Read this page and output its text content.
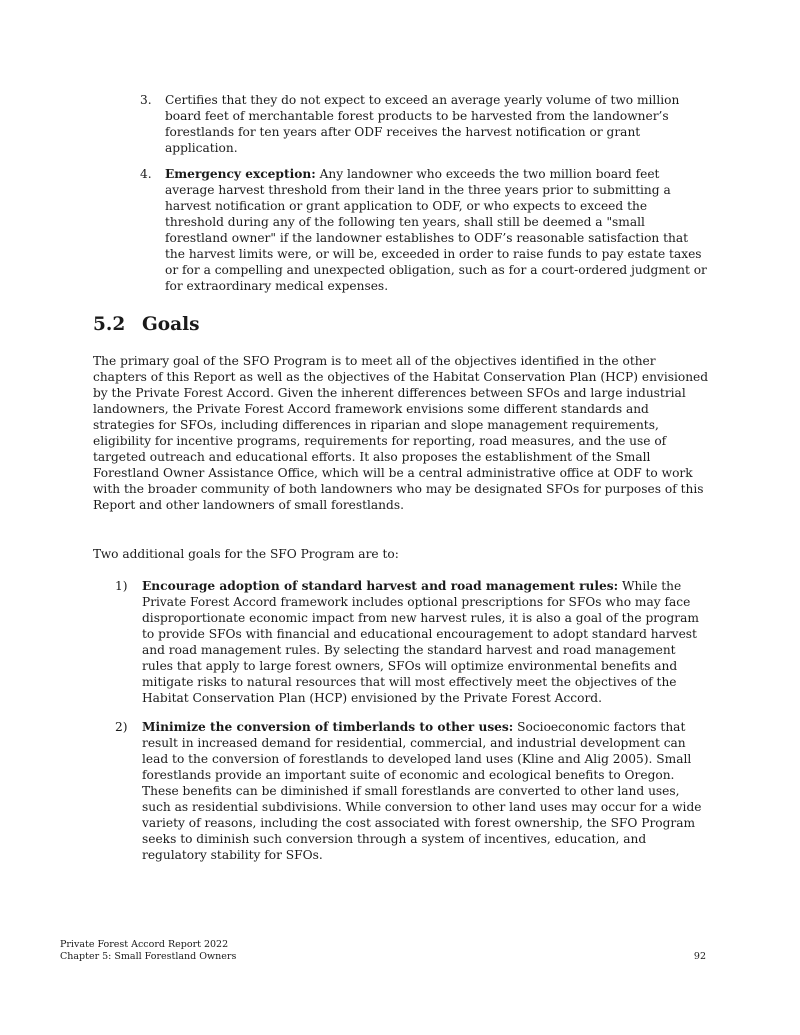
3. Certifies that they do not expect to exceed an average yearly volume of two million board feet of merchantable forest products to be harvested from the landowner’s forestlands for ten years after ODF receives the harvest notification or grant application.
4. Emergency exception: Any landowner who exceeds the two million board feet average harvest threshold from their land in the three years prior to submitting a harvest notification or grant application to ODF, or who expects to exceed the threshold during any of the following ten years, shall still be deemed a "small forestland owner" if the landowner establishes to ODF’s reasonable satisfaction that the harvest limits were, or will be, exceeded in order to raise funds to pay estate taxes or for a compelling and unexpected obligation, such as for a court-ordered judgment or for extraordinary medical expenses.
5.2 Goals

The primary goal of the SFO Program is to meet all of the objectives identified in the other chapters of this Report as well as the objectives of the Habitat Conservation Plan (HCP) envisioned by the Private Forest Accord. Given the inherent differences between SFOs and large industrial landowners, the Private Forest Accord framework envisions some different standards and strategies for SFOs, including differences in riparian and slope management requirements, eligibility for incentive programs, requirements for reporting, road measures, and the use of targeted outreach and educational efforts. It also proposes the establishment of the Small Forestland Owner Assistance Office, which will be a central administrative office at ODF to work with the broader community of both landowners who may be designated SFOs for purposes of this Report and other landowners of small forestlands.

Two additional goals for the SFO Program are to:

1) Encourage adoption of standard harvest and road management rules: While the Private Forest Accord framework includes optional prescriptions for SFOs who may face disproportionate economic impact from new harvest rules, it is also a goal of the program to provide SFOs with financial and educational encouragement to adopt standard harvest and road management rules. By selecting the standard harvest and road management rules that apply to large forest owners, SFOs will optimize environmental benefits and mitigate risks to natural resources that will most effectively meet the objectives of the Habitat Conservation Plan (HCP) envisioned by the Private Forest Accord.
2) Minimize the conversion of timberlands to other uses: Socioeconomic factors that result in increased demand for residential, commercial, and industrial development can lead to the conversion of forestlands to developed land uses (Kline and Alig 2005). Small forestlands provide an important suite of economic and ecological benefits to Oregon. These benefits can be diminished if small forestlands are converted to other land uses, such as residential subdivisions. While conversion to other land uses may occur for a wide variety of reasons, including the cost associated with forest ownership, the SFO Program seeks to diminish such conversion through a system of incentives, education, and regulatory stability for SFOs.
Private Forest Accord Report 2022
Chapter 5: Small Forestland Owners	92
